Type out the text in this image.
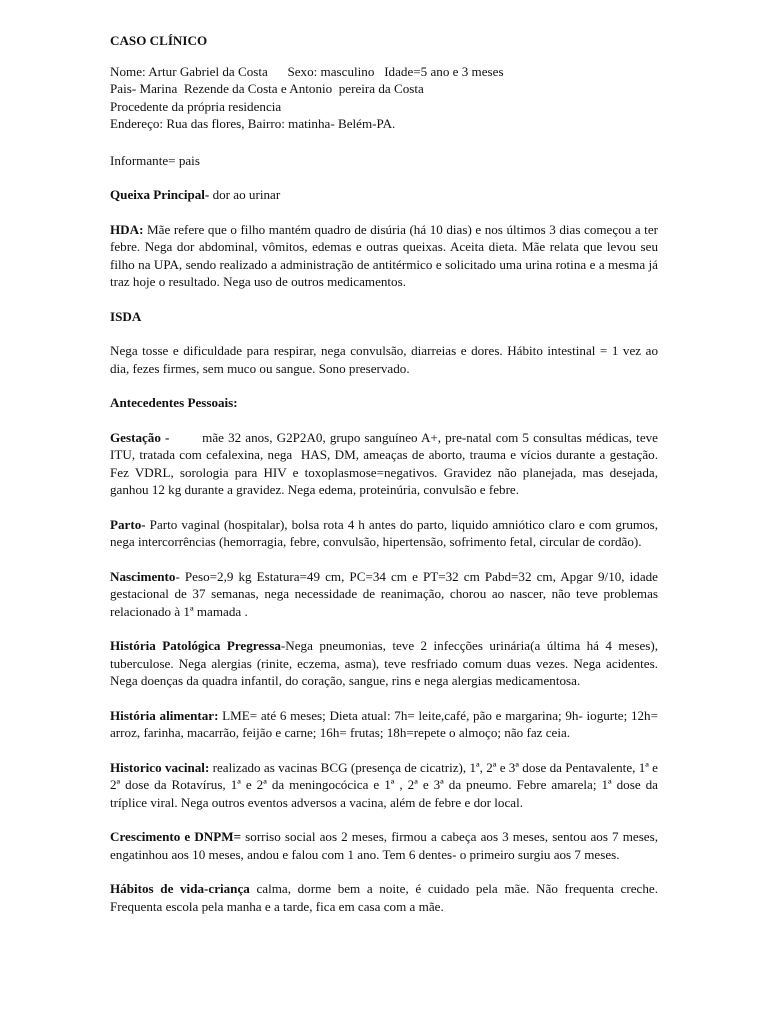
CASO CLÍNICO
Nome: Artur Gabriel da Costa      Sexo: masculino   Idade=5 ano e 3 meses
Pais- Marina  Rezende da Costa e Antonio  pereira da Costa
Procedente da própria residencia
Endereço: Rua das flores, Bairro: matinha- Belém-PA.
Informante= pais
Queixa Principal- dor ao urinar
HDA: Mãe refere que o filho mantém quadro de disúria (há 10 dias) e nos últimos 3 dias começou a ter febre. Nega dor abdominal, vômitos, edemas e outras queixas. Aceita dieta. Mãe relata que levou seu filho na UPA, sendo realizado a administração de antitérmico e solicitado uma urina rotina e a mesma já traz hoje o resultado. Nega uso de outros medicamentos.
ISDA
Nega tosse e dificuldade para respirar, nega convulsão, diarreias e dores. Hábito intestinal = 1 vez ao dia, fezes firmes, sem muco ou sangue. Sono preservado.
Antecedentes Pessoais:
Gestação -        mãe 32 anos, G2P2A0, grupo sanguíneo A+, pre-natal com 5 consultas médicas, teve ITU, tratada com cefalexina, nega  HAS, DM, ameaças de aborto, trauma e vícios durante a gestação. Fez VDRL, sorologia para HIV e toxoplasmose=negativos. Gravidez não planejada, mas desejada, ganhou 12 kg durante a gravidez. Nega edema, proteinúria, convulsão e febre.
Parto- Parto vaginal (hospitalar), bolsa rota 4 h antes do parto, liquido amniótico claro e com grumos, nega intercorrências (hemorragia, febre, convulsão, hipertensão, sofrimento fetal, circular de cordão).
Nascimento- Peso=2,9 kg Estatura=49 cm, PC=34 cm e PT=32 cm Pabd=32 cm, Apgar 9/10, idade gestacional de 37 semanas, nega necessidade de reanimação, chorou ao nascer, não teve problemas relacionado à 1ª mamada .
História Patológica Pregressa-Nega pneumonias, teve 2 infecções urinária(a última há 4 meses), tuberculose. Nega alergias (rinite, eczema, asma), teve resfriado comum duas vezes. Nega acidentes. Nega doenças da quadra infantil, do coração, sangue, rins e nega alergias medicamentosa.
História alimentar: LME= até 6 meses; Dieta atual: 7h= leite,café, pão e margarina; 9h- iogurte; 12h= arroz, farinha, macarrão, feijão e carne; 16h= frutas; 18h=repete o almoço; não faz ceia.
Historico vacinal: realizado as vacinas BCG (presença de cicatriz), 1ª, 2ª e 3ª dose da Pentavalente, 1ª e 2ª dose da Rotavírus, 1ª e 2ª da meningocócica e 1ª , 2ª e 3ª da pneumo. Febre amarela; 1ª dose da tríplice viral. Nega outros eventos adversos a vacina, além de febre e dor local.
Crescimento e DNPM= sorriso social aos 2 meses, firmou a cabeça aos 3 meses, sentou aos 7 meses, engatinhou aos 10 meses, andou e falou com 1 ano. Tem 6 dentes- o primeiro surgiu aos 7 meses.
Hábitos de vida-criança calma, dorme bem a noite, é cuidado pela mãe. Não frequenta creche. Frequenta escola pela manha e a tarde, fica em casa com a mãe.
